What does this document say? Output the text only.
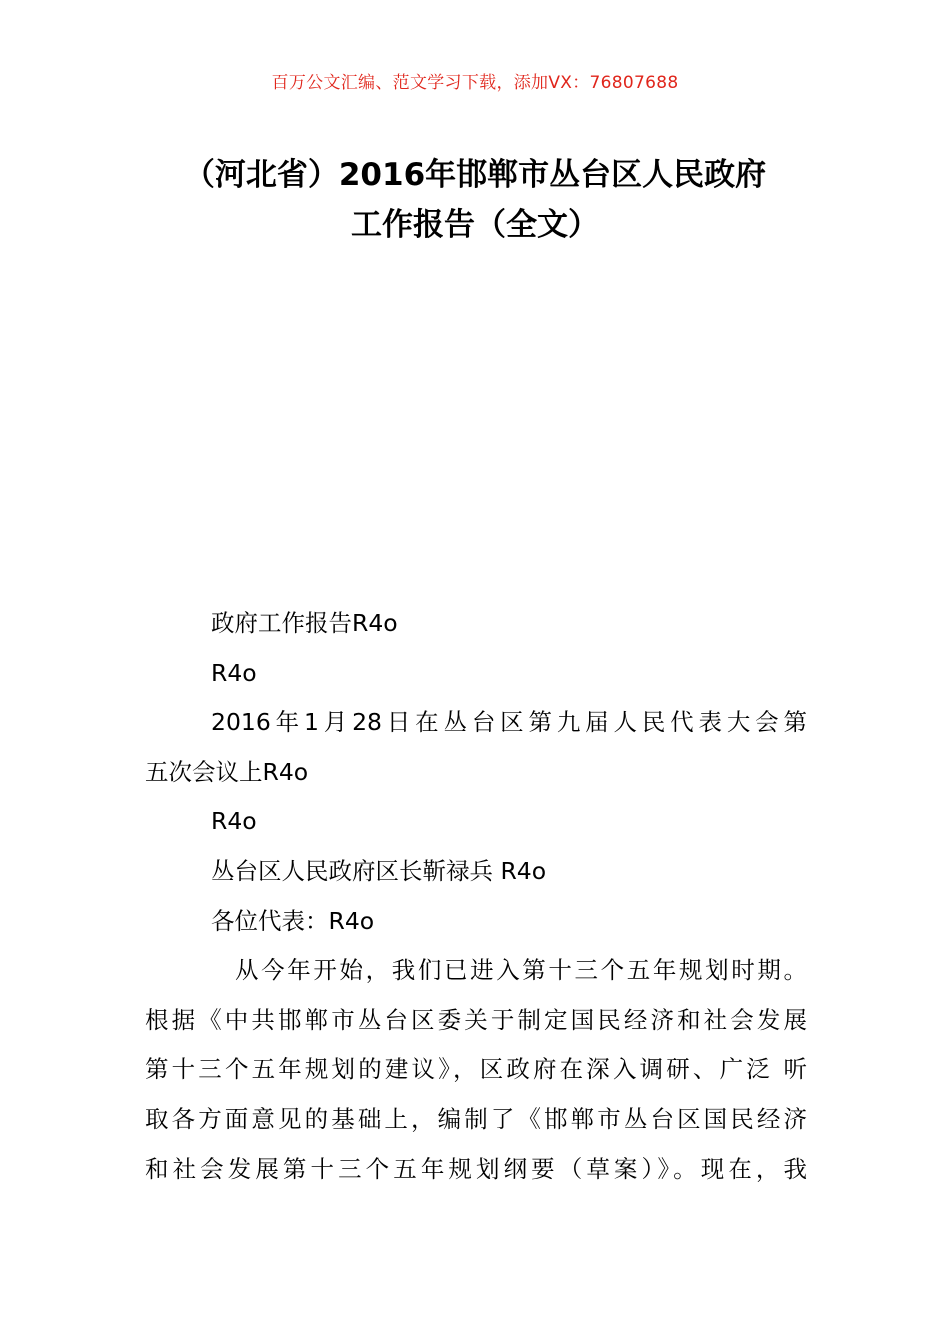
百万公文汇编、范文学习下载，添加VX：76807688
（河北省）2016年邯郸市丛台区人民政府
工作报告（全文）

政府工作报告R4o

R4o

2016年1月28日在丛台区第九届人民代表大会第

五次会议上R4o

R4o

丛台区人民政府区长靳禄兵 R4o

各位代表：R4o

从今年开始，我们已进入第十三个五年规划时期。

根据《中共邯郸市丛台区委关于制定国民经济和社会发展

第十三个五年规划的建议》，区政府在深入调研、广泛 听

取各方面意见的基础上，编制了《邯郸市丛台区国民经济

和社会发展第十三个五年规划纲要（草案）》。现在，我
